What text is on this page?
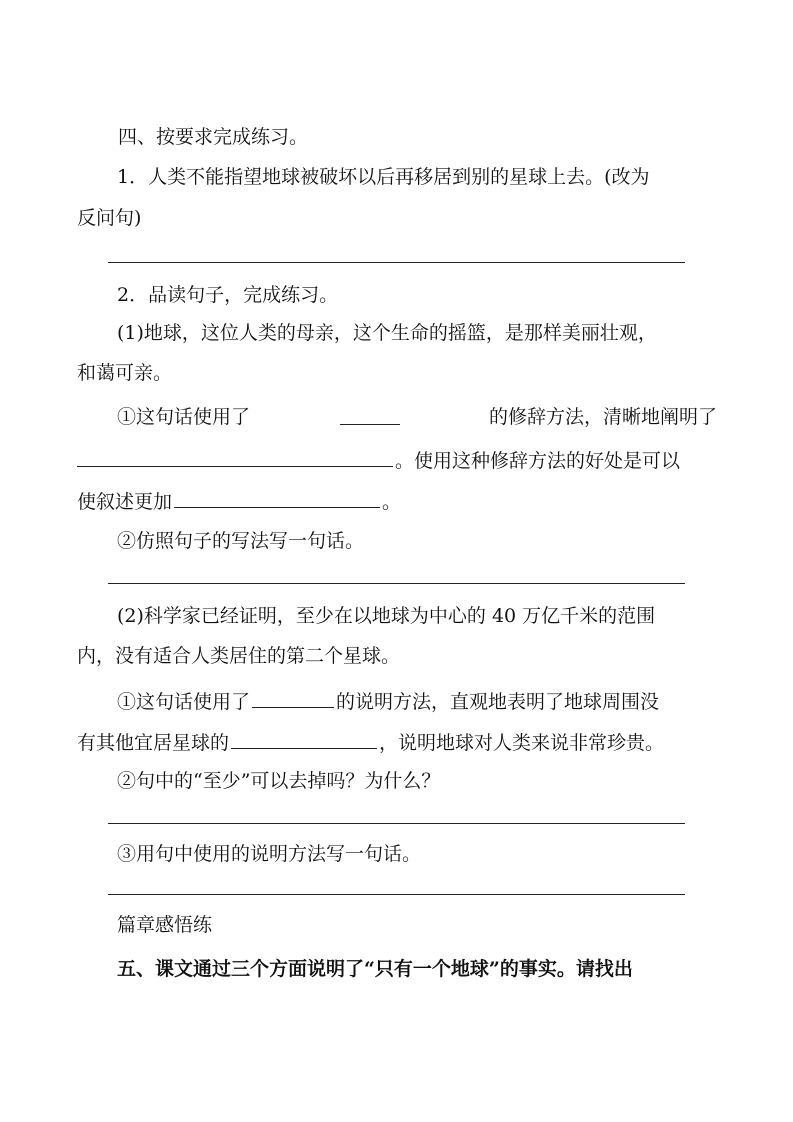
四、按要求完成练习。
1．人类不能指望地球被破坏以后再移居到别的星球上去。(改为
反问句)
2．品读句子，完成练习。
(1)地球，这位人类的母亲，这个生命的摇篮，是那样美丽壮观，
和蔼可亲。
①这句话使用了	的修辞方法，清晰地阐明了
。使用这种修辞方法的好处是可以
使叙述更加	。
②仿照句子的写法写一句话。
(2)科学家已经证明，至少在以地球为中心的 40 万亿千米的范围
内，没有适合人类居住的第二个星球。
①这句话使用了	的说明方法，直观地表明了地球周围没
有其他宜居星球的	，说明地球对人类来说非常珍贵。
②句中的“至少”可以去掉吗？为什么？
③用句中使用的说明方法写一句话。
篇章感悟练
五、课文通过三个方面说明了“只有一个地球”的事实。请找出
